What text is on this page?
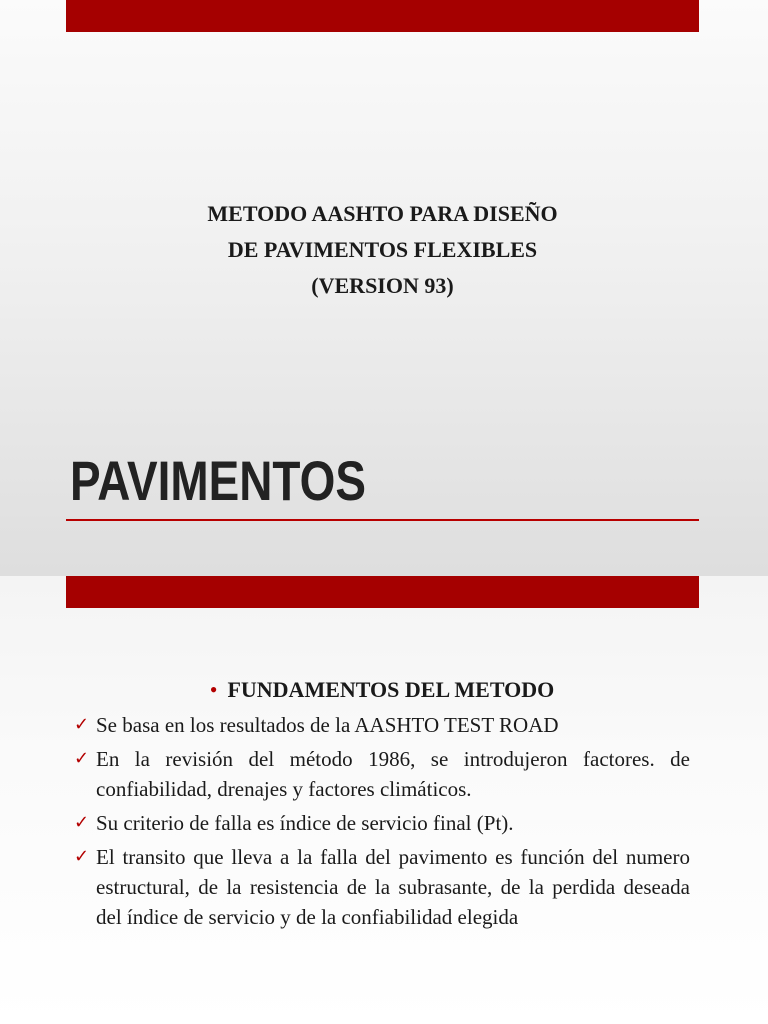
METODO AASHTO PARA DISEÑO
DE PAVIMENTOS FLEXIBLES
(VERSION 93)
PAVIMENTOS
• FUNDAMENTOS DEL METODO
✓ Se basa en los resultados de la AASHTO TEST ROAD
✓ En la revisión del método 1986, se introdujeron factores. de confiabilidad, drenajes y factores climáticos.
✓ Su criterio de falla es índice de servicio final (Pt).
✓ El transito que lleva a la falla del pavimento es función del numero estructural, de la resistencia de la subrasante, de la perdida deseada del índice de servicio y de la confiabilidad elegida
